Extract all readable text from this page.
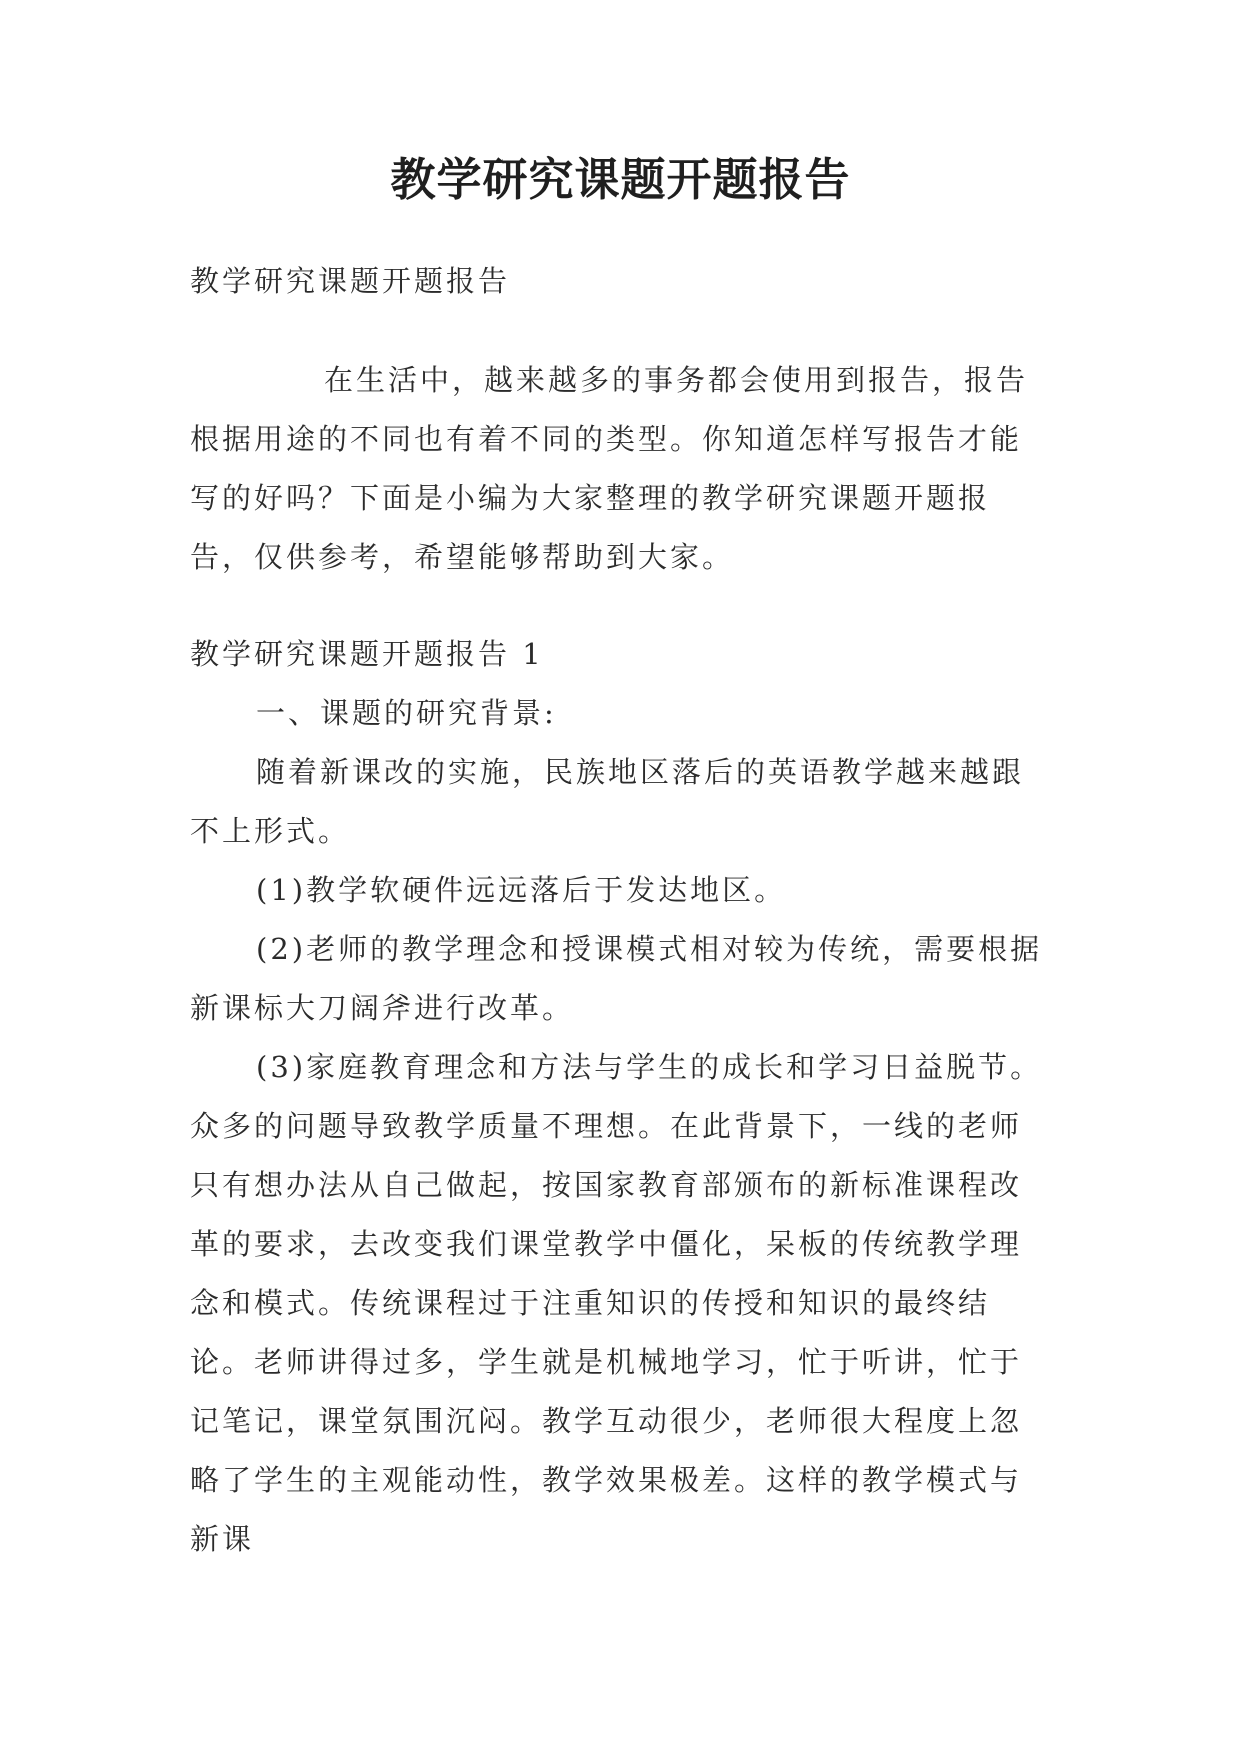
教学研究课题开题报告

教学研究课题开题报告

在生活中，越来越多的事务都会使用到报告，报告根据用途的不同也有着不同的类型。你知道怎样写报告才能写的好吗？下面是小编为大家整理的教学研究课题开题报告，仅供参考，希望能够帮助到大家。

教学研究课题开题报告 1

一、课题的研究背景:

随着新课改的实施，民族地区落后的英语教学越来越跟不上形式。

(1)教学软硬件远远落后于发达地区。

(2)老师的教学理念和授课模式相对较为传统，需要根据新课标大刀阔斧进行改革。

(3)家庭教育理念和方法与学生的成长和学习日益脱节。众多的问题导致教学质量不理想。在此背景下，一线的老师只有想办法从自己做起，按国家教育部颁布的新标准课程改革的要求，去改变我们课堂教学中僵化，呆板的传统教学理念和模式。传统课程过于注重知识的传授和知识的最终结论。老师讲得过多，学生就是机械地学习，忙于听讲，忙于记笔记，课堂氛围沉闷。教学互动很少，老师很大程度上忽略了学生的主观能动性，教学效果极差。这样的教学模式与新课
